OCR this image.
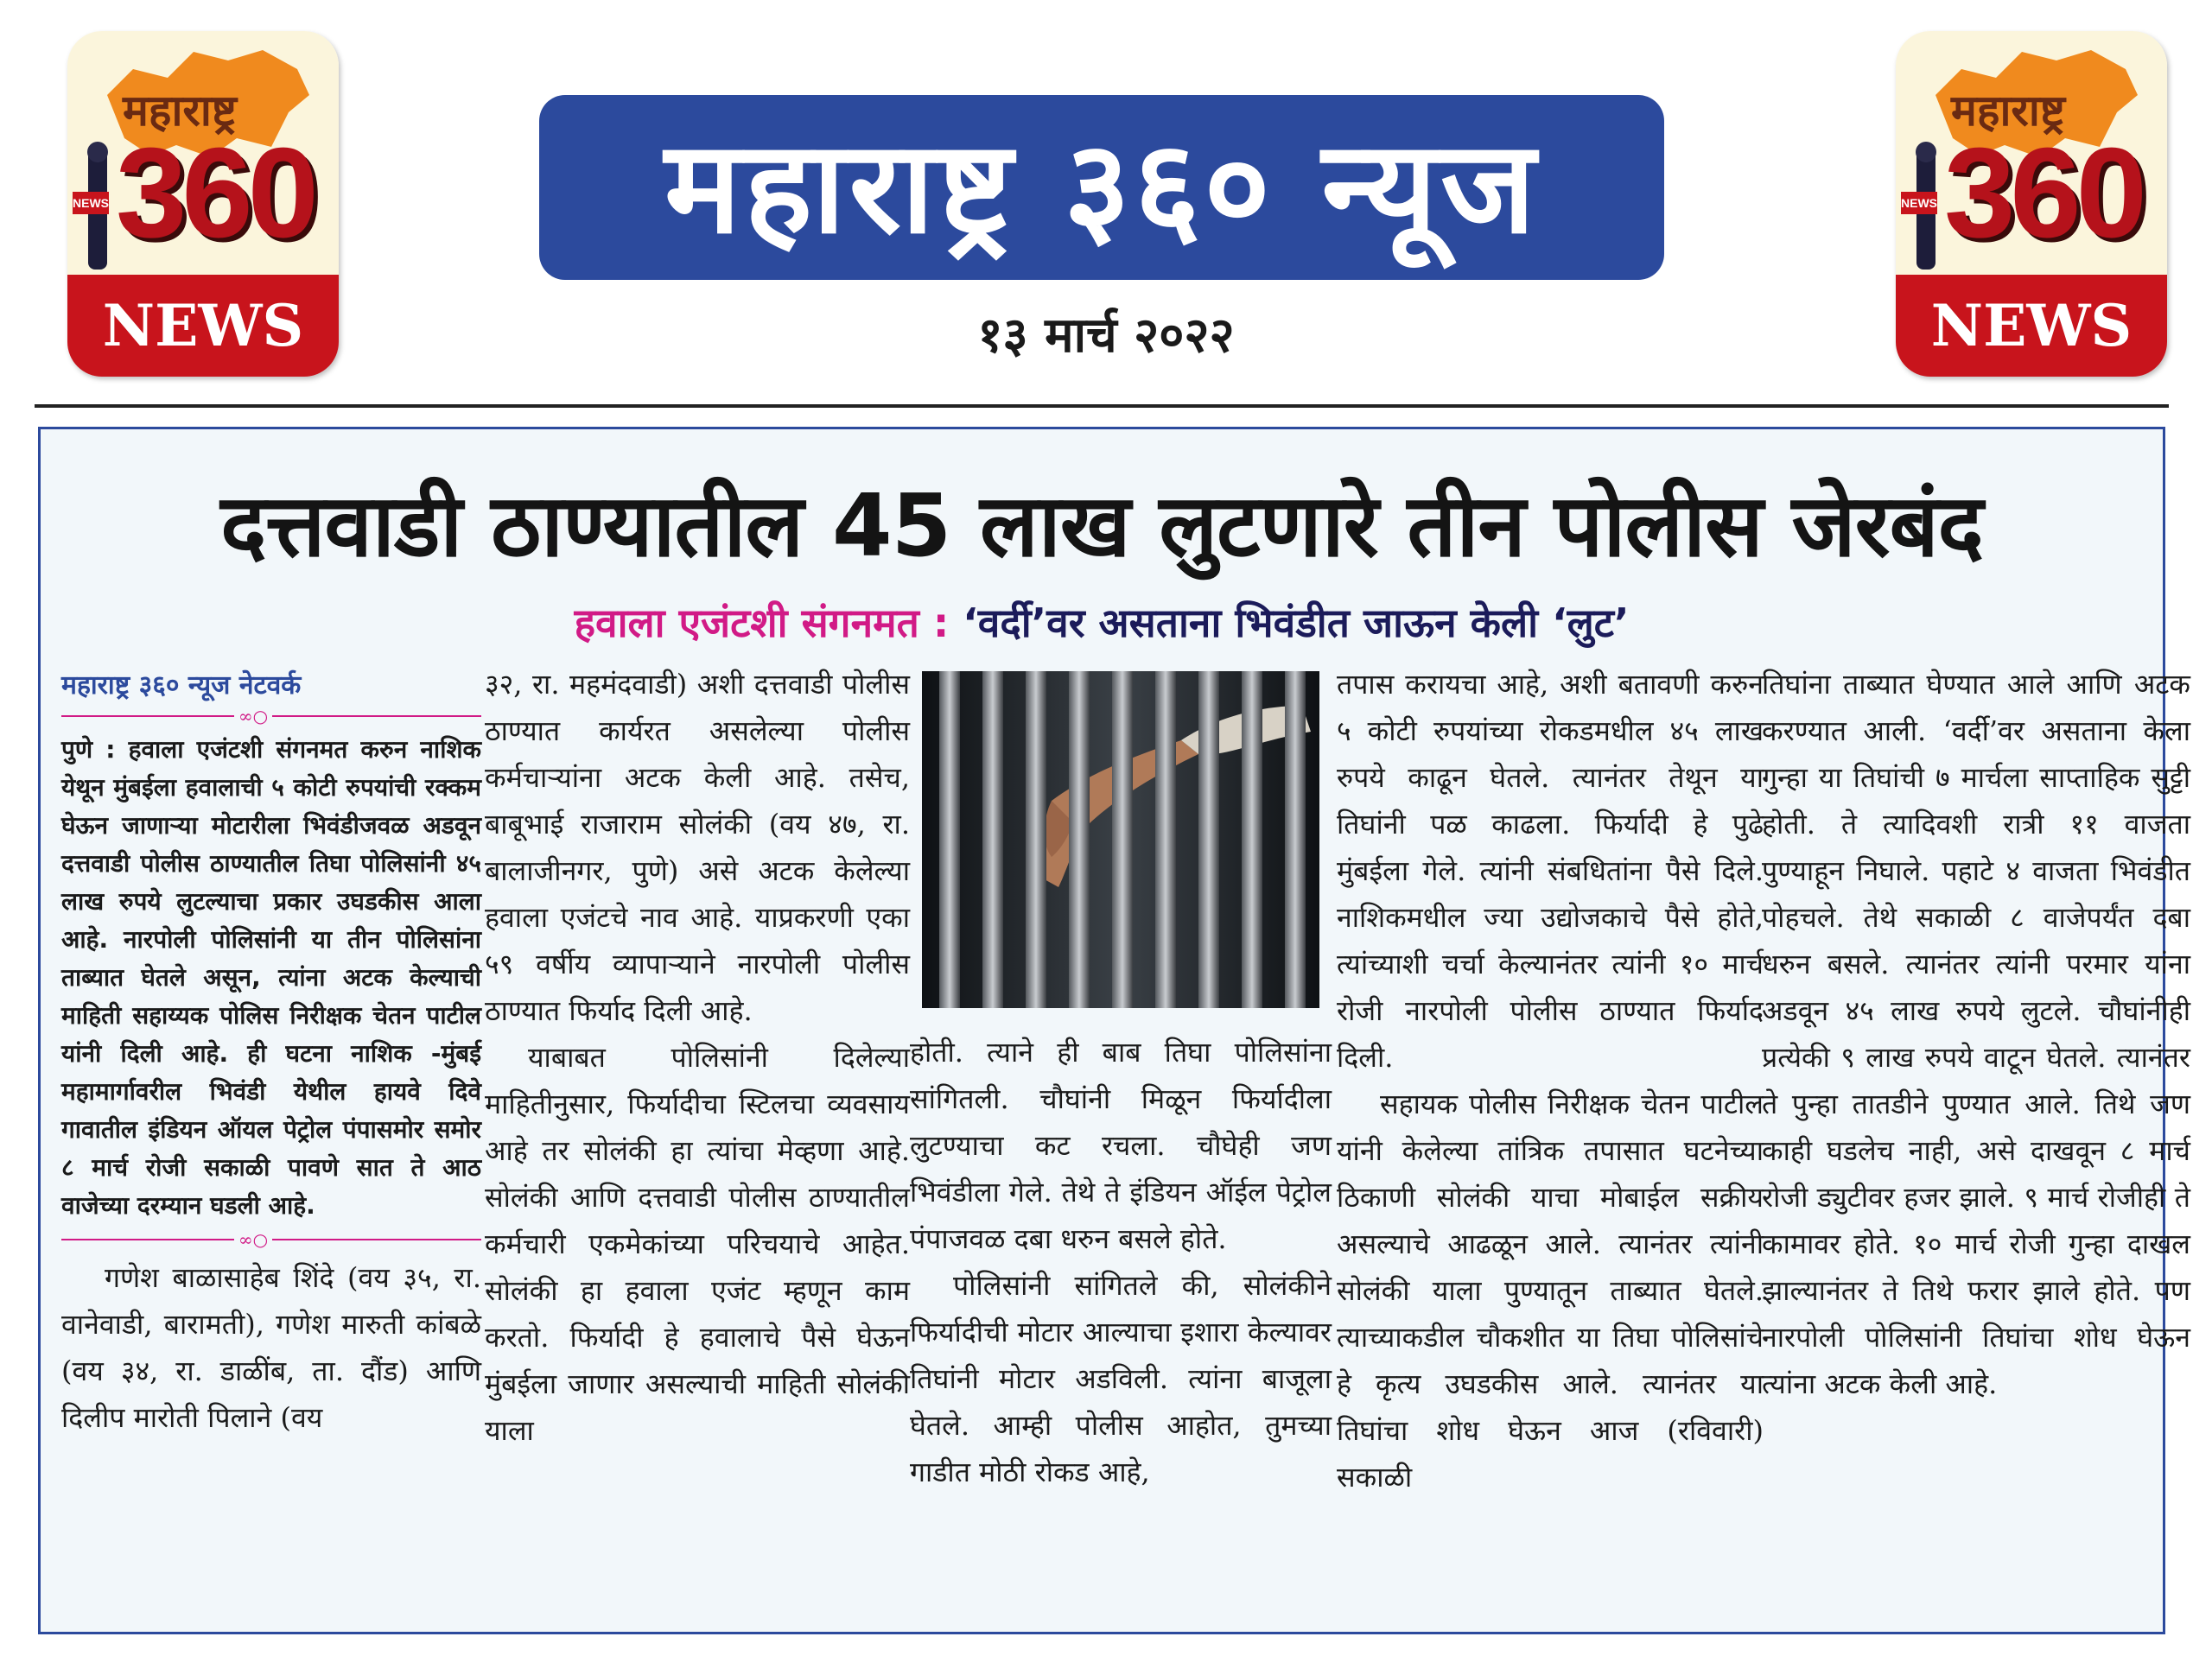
महाराष्ट्र
NEWS 360
NEWS
महाराष्ट्र
NEWS 360
NEWS
महाराष्ट्र ३६० न्यूज
१३ मार्च २०२२
दत्तवाडी ठाण्यातील 45 लाख लुटणारे तीन पोलीस जेरबंद
हवाला एजंटशी संगनमत : ‘वर्दी’वर असताना भिवंडीत जाऊन केली ‘लुट’
महाराष्ट्र ३६० न्यूज नेटवर्क
∞○
पुणे : हवाला एजंटशी संगनमत करुन नाशिक येथून मुंबईला हवालाची ५ कोटी रुपयांची रक्कम घेऊन जाणाऱ्या मोटारीला भिवंडीजवळ अडवून दत्तवाडी पोलीस ठाण्यातील तिघा पोलिसांनी ४५ लाख रुपये लुटल्याचा प्रकार उघडकीस आला आहे. नारपोली पोलिसांनी या तीन पोलिसांना ताब्यात घेतले असून, त्यांना अटक केल्याची माहिती सहाय्यक पोलिस निरीक्षक चेतन पाटील यांनी दिली आहे. ही घटना नाशिक -मुंबई महामार्गावरील भिवंडी येथील हायवे दिवे गावातील इंडियन ऑयल पेट्रोल पंपासमोर समोर ८ मार्च रोजी सकाळी पावणे सात ते आठ वाजेच्या दरम्यान घडली आहे.
∞○

गणेश बाळासाहेब शिंदे (वय ३५, रा. वानेवाडी, बारामती), गणेश मारुती कांबळे (वय ३४, रा. डाळींब, ता. दौंड) आणि दिलीप मारोती पिलाने (वय

३२, रा. महमंदवाडी) अशी दत्तवाडी पोलीस ठाण्यात कार्यरत असलेल्या पोलीस कर्मचाऱ्यांना अटक केली आहे. तसेच, बाबूभाई राजाराम सोलंकी (वय ४७, रा. बालाजीनगर, पुणे) असे अटक केलेल्या हवाला एजंटचे नाव आहे. याप्रकरणी एका ५९ वर्षीय व्यापाऱ्याने नारपोली पोलीस ठाण्यात फिर्याद दिली आहे.

याबाबत पोलिसांनी दिलेल्या माहितीनुसार, फिर्यादीचा स्टिलचा व्यवसाय आहे तर सोलंकी हा त्यांचा मेव्हणा आहे. सोलंकी आणि दत्तवाडी पोलीस ठाण्यातील कर्मचारी एकमेकांच्या परिचयाचे आहेत. सोलंकी हा हवाला एजंट म्हणून काम करतो. फिर्यादी हे हवालाचे पैसे घेऊन मुंबईला जाणार असल्याची माहिती सोलंकी याला

होती. त्याने ही बाब तिघा पोलिसांना सांगितली. चौघांनी मिळून फिर्यादीला लुटण्याचा कट रचला. चौघेही जण भिवंडीला गेले. तेथे ते इंडियन ऑईल पेट्रोल पंपाजवळ दबा धरुन बसले होते.

पोलिसांनी सांगितले की, सोलंकीने फिर्यादीची मोटार आल्याचा इशारा केल्यावर तिघांनी मोटार अडविली. त्यांना बाजूला घेतले. आम्ही पोलीस आहोत, तुमच्या गाडीत मोठी रोकड आहे,

तपास करायचा आहे, अशी बतावणी करुन ५ कोटी रुपयांच्या रोकडमधील ४५ लाख रुपये काढून घेतले. त्यानंतर तेथून या तिघांनी पळ काढला. फिर्यादी हे पुढे मुंबईला गेले. त्यांनी संबधितांना पैसे दिले. नाशिकमधील ज्या उद्योजकाचे पैसे होते, त्यांच्याशी चर्चा केल्यानंतर त्यांनी १० मार्च रोजी नारपोली पोलीस ठाण्यात फिर्याद दिली.

सहायक पोलीस निरीक्षक चेतन पाटील यांनी केलेल्या तांत्रिक तपासात घटनेच्या ठिकाणी सोलंकी याचा मोबाईल सक्रीय असल्याचे आढळून आले. त्यानंतर त्यांनी सोलंकी याला पुण्यातून ताब्यात घेतले. त्याच्याकडील चौकशीत या तिघा पोलिसांचे हे कृत्य उघडकीस आले. त्यानंतर या तिघांचा शोध घेऊन आज (रविवारी) सकाळी

तिघांना ताब्यात घेण्यात आले आणि अटक करण्यात आली. ‘वर्दी’वर असताना केला गुन्हा या तिघांची ७ मार्चला साप्ताहिक सुट्टी होती. ते त्यादिवशी रात्री ११ वाजता पुण्याहून निघाले. पहाटे ४ वाजता भिवंडीत पोहचले. तेथे सकाळी ८ वाजेपर्यंत दबा धरुन बसले. त्यानंतर त्यांनी परमार यांना अडवून ४५ लाख रुपये लुटले. चौघांनीही प्रत्येकी ९ लाख रुपये वाटून घेतले. त्यानंतर ते पुन्हा तातडीने पुण्यात आले. तिथे जण काही घडलेच नाही, असे दाखवून ८ मार्च रोजी ड्युटीवर हजर झाले. ९ मार्च रोजीही ते कामावर होते. १० मार्च रोजी गुन्हा दाखल झाल्यानंतर ते तिथे फरार झाले होते. पण नारपोली पोलिसांनी तिघांचा शोध घेऊन त्यांना अटक केली आहे.
